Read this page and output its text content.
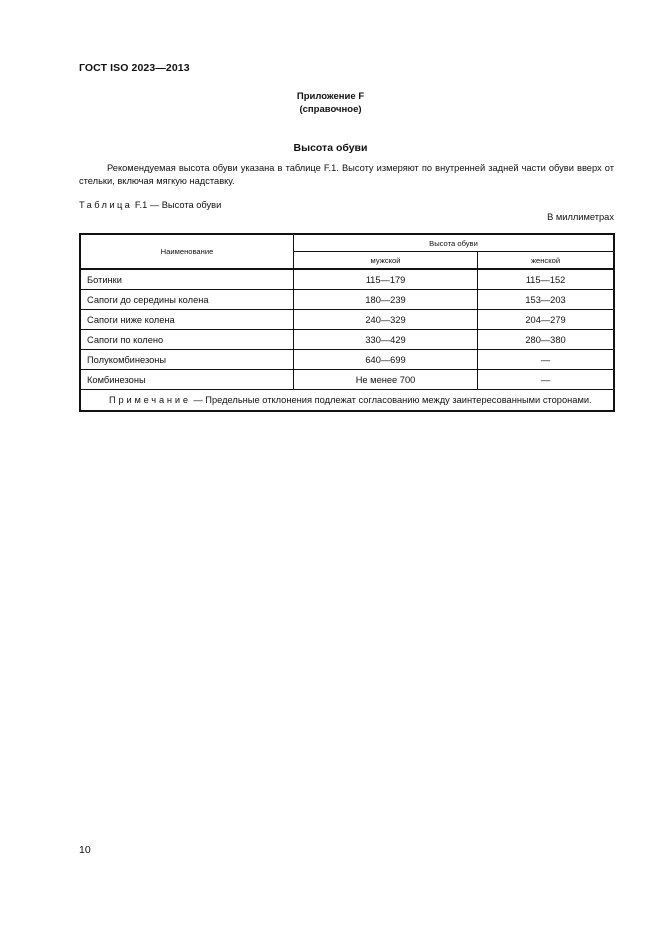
ГОСТ ISO 2023—2013
Приложение F
(справочное)
Высота обуви
Рекомендуемая высота обуви указана в таблице F.1. Высоту измеряют по внутренней задней части обуви вверх от стельки, включая мягкую надставку.
Таблица F.1 — Высота обуви
В миллиметрах
Наименование	Высота обуви	
	мужской	женской
Ботинки	115—179	115—152
Сапоги до середины колена	180—239	153—203
Сапоги ниже колена	240—329	204—279
Сапоги по колено	330—429	280—380
Полукомбинезоны	640—699	—
Комбинезоны	Не менее 700	—
Примечание — Предельные отклонения подлежат согласованию между заинтересованными сторонами.		
10
